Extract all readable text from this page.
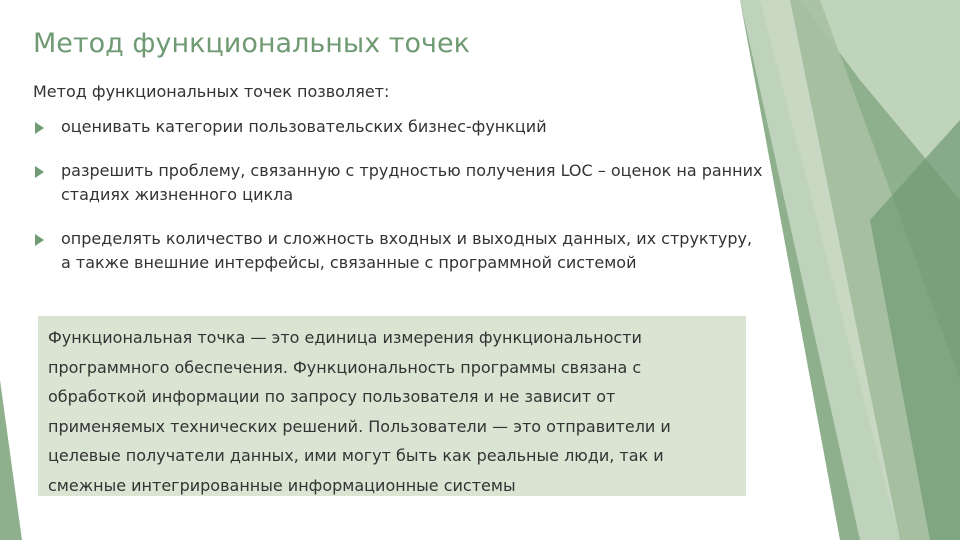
Метод функциональных точек
Метод функциональных точек позволяет:
оценивать категории пользовательских бизнес-функций
разрешить проблему, связанную с трудностью получения LOC – оценок на ранних стадиях жизненного цикла
определять количество и сложность входных и выходных данных, их структуру, а также внешние интерфейсы, связанные с программной системой
Функциональная точка — это единица измерения функциональности программного обеспечения. Функциональность программы связана с обработкой информации по запросу пользователя и не зависит от применяемых технических решений. Пользователи — это отправители и целевые получатели данных, ими могут быть как реальные люди, так и смежные интегрированные информационные системы
